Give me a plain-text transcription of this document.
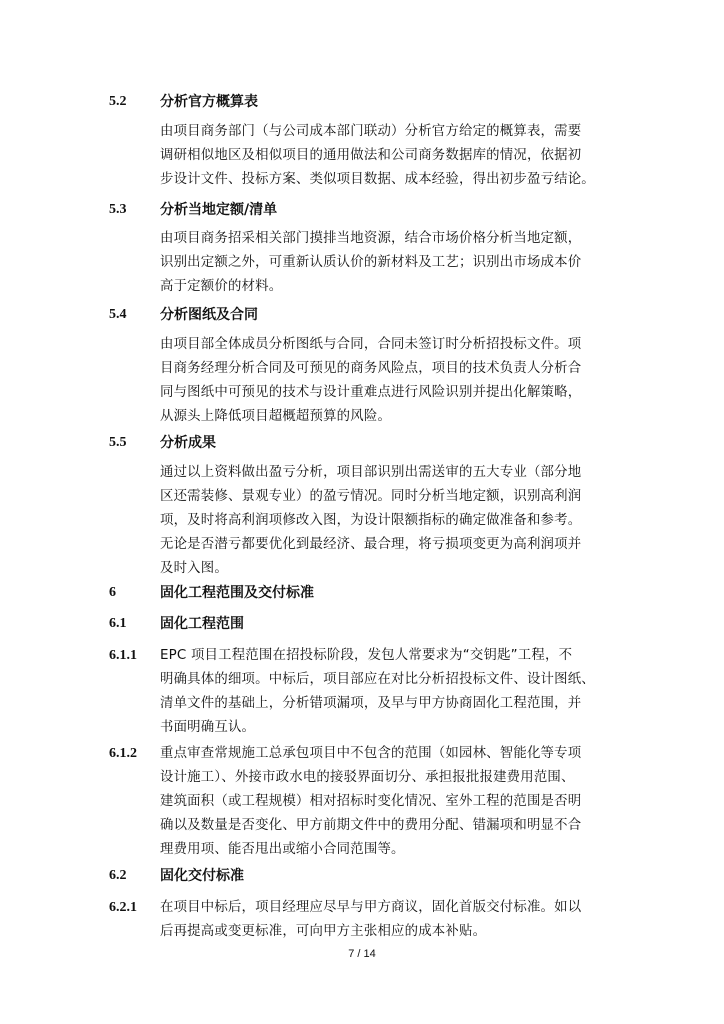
5.2 分析官方概算表
由项目商务部门（与公司成本部门联动）分析官方给定的概算表，需要
调研相似地区及相似项目的通用做法和公司商务数据库的情况，依据初
步设计文件、投标方案、类似项目数据、成本经验，得出初步盈亏结论。
5.3 分析当地定额/清单
由项目商务招采相关部门摸排当地资源，结合市场价格分析当地定额，
识别出定额之外，可重新认质认价的新材料及工艺；识别出市场成本价
高于定额价的材料。
5.4 分析图纸及合同
由项目部全体成员分析图纸与合同，合同未签订时分析招投标文件。项
目商务经理分析合同及可预见的商务风险点，项目的技术负责人分析合
同与图纸中可预见的技术与设计重难点进行风险识别并提出化解策略，
从源头上降低项目超概超预算的风险。
5.5 分析成果
通过以上资料做出盈亏分析，项目部识别出需送审的五大专业（部分地
区还需装修、景观专业）的盈亏情况。同时分析当地定额，识别高利润
项，及时将高利润项修改入图，为设计限额指标的确定做准备和参考。
无论是否潜亏都要优化到最经济、最合理，将亏损项变更为高利润项并
及时入图。
6	固化工程范围及交付标准
6.1 固化工程范围
6.1.1 EPC 项目工程范围在招投标阶段，发包人常要求为“交钥匙”工程，不
明确具体的细项。中标后，项目部应在对比分析招投标文件、设计图纸、
清单文件的基础上，分析错项漏项，及早与甲方协商固化工程范围，并
书面明确互认。
6.1.2 重点审查常规施工总承包项目中不包含的范围（如园林、智能化等专项
设计施工）、外接市政水电的接驳界面切分、承担报批报建费用范围、
建筑面积（或工程规模）相对招标时变化情况、室外工程的范围是否明
确以及数量是否变化、甲方前期文件中的费用分配、错漏项和明显不合
理费用项、能否甩出或缩小合同范围等。
6.2 固化交付标准
6.2.1 在项目中标后，项目经理应尽早与甲方商议，固化首版交付标准。如以
后再提高或变更标准，可向甲方主张相应的成本补贴。
7 / 14
